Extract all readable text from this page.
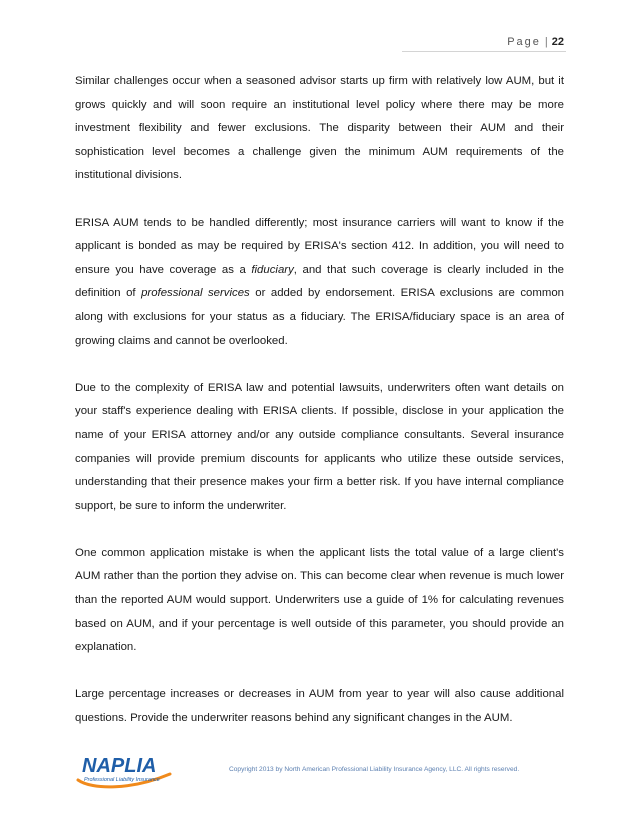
Page | 22

Similar challenges occur when a seasoned advisor starts up firm with relatively low AUM, but it grows quickly and will soon require an institutional level policy where there may be more investment flexibility and fewer exclusions. The disparity between their AUM and their sophistication level becomes a challenge given the minimum AUM requirements of the institutional divisions.

ERISA AUM tends to be handled differently; most insurance carriers will want to know if the applicant is bonded as may be required by ERISA's section 412. In addition, you will need to ensure you have coverage as a fiduciary, and that such coverage is clearly included in the definition of professional services or added by endorsement. ERISA exclusions are common along with exclusions for your status as a fiduciary. The ERISA/fiduciary space is an area of growing claims and cannot be overlooked.

Due to the complexity of ERISA law and potential lawsuits, underwriters often want details on your staff's experience dealing with ERISA clients. If possible, disclose in your application the name of your ERISA attorney and/or any outside compliance consultants. Several insurance companies will provide premium discounts for applicants who utilize these outside services, understanding that their presence makes your firm a better risk. If you have internal compliance support, be sure to inform the underwriter.

One common application mistake is when the applicant lists the total value of a large client's AUM rather than the portion they advise on. This can become clear when revenue is much lower than the reported AUM would support. Underwriters use a guide of 1% for calculating revenues based on AUM, and if your percentage is well outside of this parameter, you should provide an explanation.

Large percentage increases or decreases in AUM from year to year will also cause additional questions. Provide the underwriter reasons behind any significant changes in the AUM.

NAPLIA
Professional Liability Insurance
Copyright 2013 by North American Professional Liability Insurance Agency, LLC. All rights reserved.
